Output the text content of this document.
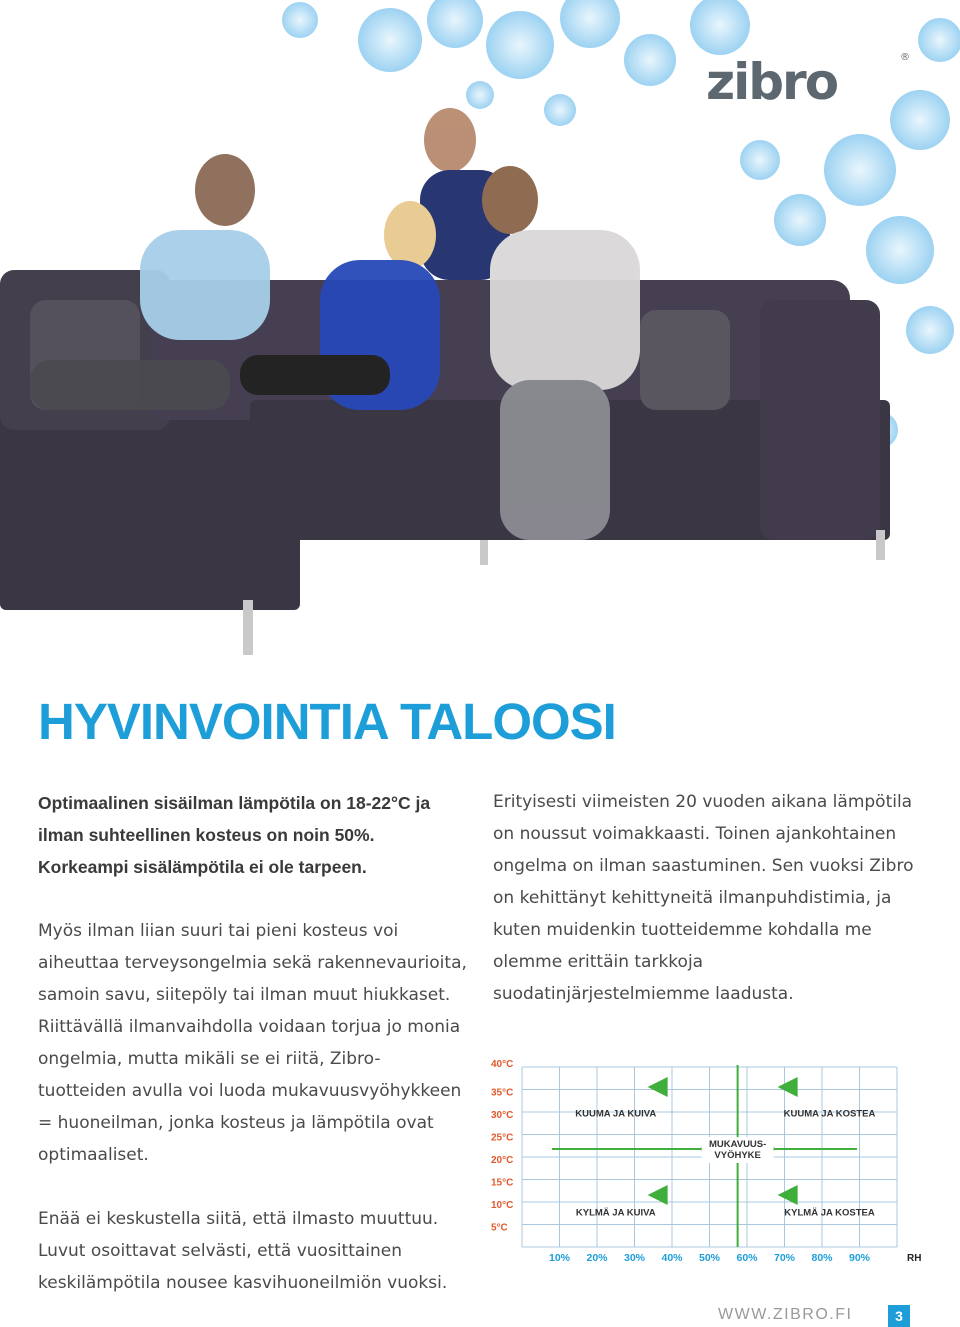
zibro	®
HYVINVOINTIA TALOOSI

Optimaalinen sisäilman lämpötila on 18-22°C ja ilman suhteellinen kosteus on noin 50%. Korkeampi sisälämpötila ei ole tarpeen.

Myös ilman liian suuri tai pieni kosteus voi aiheuttaa terveysongelmia sekä rakennevaurioita, samoin savu, siitepöly tai ilman muut hiukkaset. Riittävällä ilmanvaihdolla voidaan torjua jo monia ongelmia, mutta mikäli se ei riitä, Zibro-tuotteiden avulla voi luoda mukavuusvyöhykkeen = huoneilman, jonka kosteus ja lämpötila ovat optimaaliset.

Enää ei keskustella siitä, että ilmasto muuttuu. Luvut osoittavat selvästi, että vuosittainen keskilämpötila nousee kasvihuoneilmiön vuoksi.

Erityisesti viimeisten 20 vuoden aikana lämpötila on noussut voimakkaasti. Toinen ajankohtainen ongelma on ilman saastuminen. Sen vuoksi Zibro on kehittänyt kehittyneitä ilmanpuhdistimia, ja kuten muidenkin tuotteidemme kohdalla me olemme erittäin tarkkoja suodatinjärjestelmiemme laadusta.

40°C
35°C
30°C
25°C
20°C
15°C
10°C
5°C
10% 20% 30% 40% 50% 60% 70% 80% 90%	RH
KUUMA JA KUIVA	KUUMA JA KOSTEA
KYLMÄ JA KUIVA	KYLMÄ JA KOSTEA
MUKAVUUS-
VYÖHYKE
WWW.ZIBRO.FI	3
